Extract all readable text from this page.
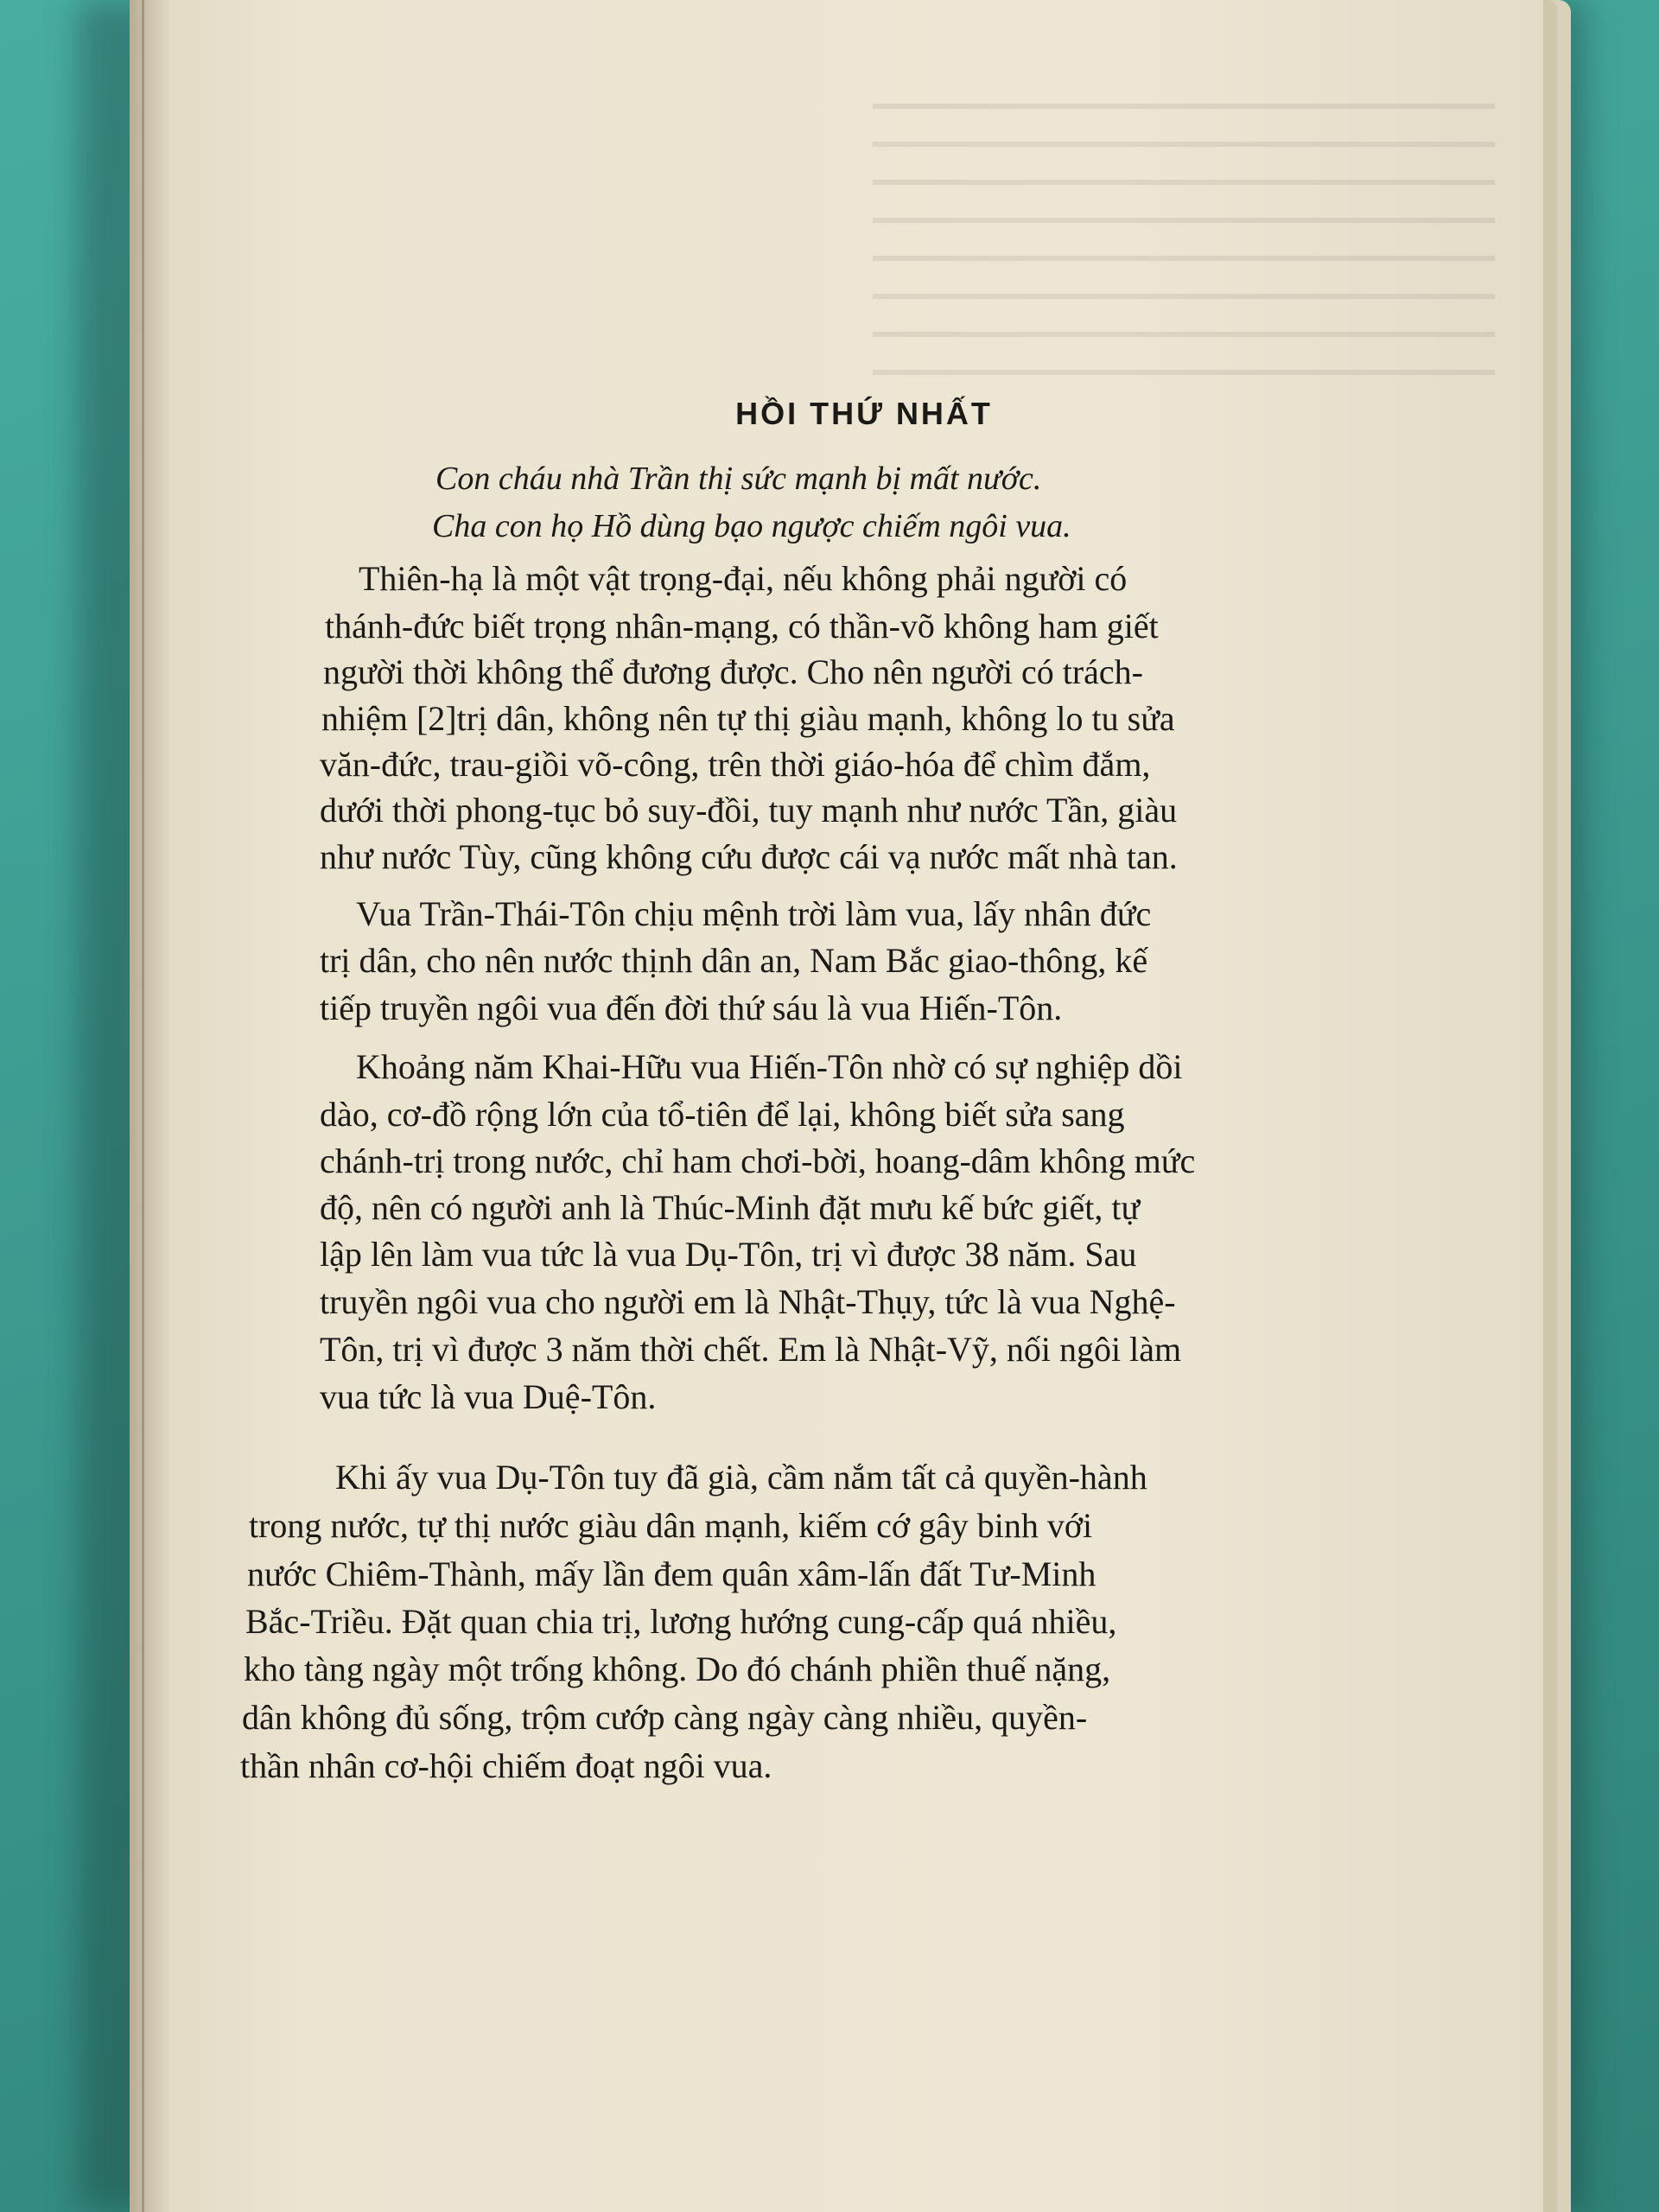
HỒI THỨ NHẤT
Con cháu nhà Trần thị sức mạnh bị mất nước.
Cha con họ Hồ dùng bạo ngược chiếm ngôi vua.
Thiên-hạ là một vật trọng-đại, nếu không phải người có
thánh-đức biết trọng nhân-mạng, có thần-võ không ham giết
người thời không thể đương được. Cho nên người có trách-
nhiệm [2]trị dân, không nên tự thị giàu mạnh, không lo tu sửa
văn-đức, trau-giồi võ-công, trên thời giáo-hóa để chìm đắm,
dưới thời phong-tục bỏ suy-đồi, tuy mạnh như nước Tần, giàu
như nước Tùy, cũng không cứu được cái vạ nước mất nhà tan.
Vua Trần-Thái-Tôn chịu mệnh trời làm vua, lấy nhân đức
trị dân, cho nên nước thịnh dân an, Nam Bắc giao-thông, kế
tiếp truyền ngôi vua đến đời thứ sáu là vua Hiến-Tôn.
Khoảng năm Khai-Hữu vua Hiến-Tôn nhờ có sự nghiệp dồi
dào, cơ-đồ rộng lớn của tổ-tiên để lại, không biết sửa sang
chánh-trị trong nước, chỉ ham chơi-bời, hoang-dâm không mức
độ, nên có người anh là Thúc-Minh đặt mưu kế bức giết, tự
lập lên làm vua tức là vua Dụ-Tôn, trị vì được 38 năm. Sau
truyền ngôi vua cho người em là Nhật-Thụy, tức là vua Nghệ-
Tôn, trị vì được 3 năm thời chết. Em là Nhật-Vỹ, nối ngôi làm
vua tức là vua Duệ-Tôn.
Khi ấy vua Dụ-Tôn tuy đã già, cầm nắm tất cả quyền-hành
trong nước, tự thị nước giàu dân mạnh, kiếm cớ gây binh với
nước Chiêm-Thành, mấy lần đem quân xâm-lấn đất Tư-Minh
Bắc-Triều. Đặt quan chia trị, lương hướng cung-cấp quá nhiều,
kho tàng ngày một trống không. Do đó chánh phiền thuế nặng,
dân không đủ sống, trộm cướp càng ngày càng nhiều, quyền-
thần nhân cơ-hội chiếm đoạt ngôi vua.
